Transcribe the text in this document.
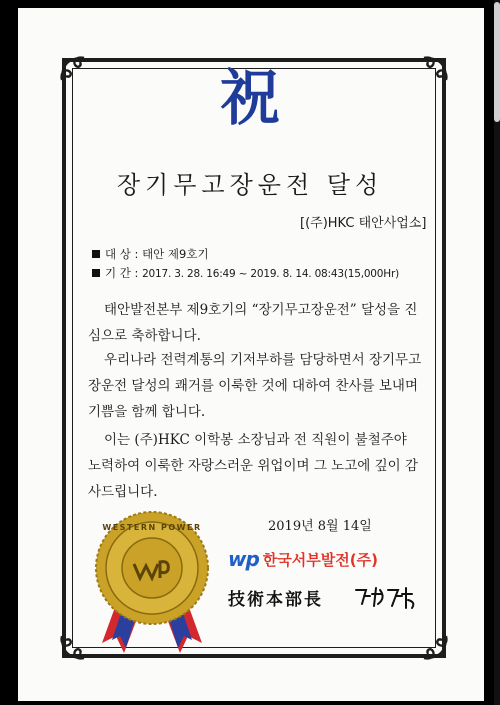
祝
장기무고장운전 달성
[(주)HKC 태안사업소]
대 상 : 태안 제9호기
기 간 : 2017. 3. 28. 16:49 ~ 2019. 8. 14. 08:43(15,000Hr)
태안발전본부 제9호기의 “장기무고장운전” 달성을 진심으로 축하합니다.
우리나라 전력계통의 기저부하를 담당하면서 장기무고장운전 달성의 쾌거를 이룩한 것에 대하여 찬사를 보내며 기쁨을 함께 합니다.
이는 (주)HKC 이학봉 소장님과 전 직원이 불철주야 노력하여 이룩한 자랑스러운 위업이며 그 노고에 깊이 감사드립니다.
2019년 8월 14일
WESTERN POWER
wp 한국서부발전(주)
技術本部長
